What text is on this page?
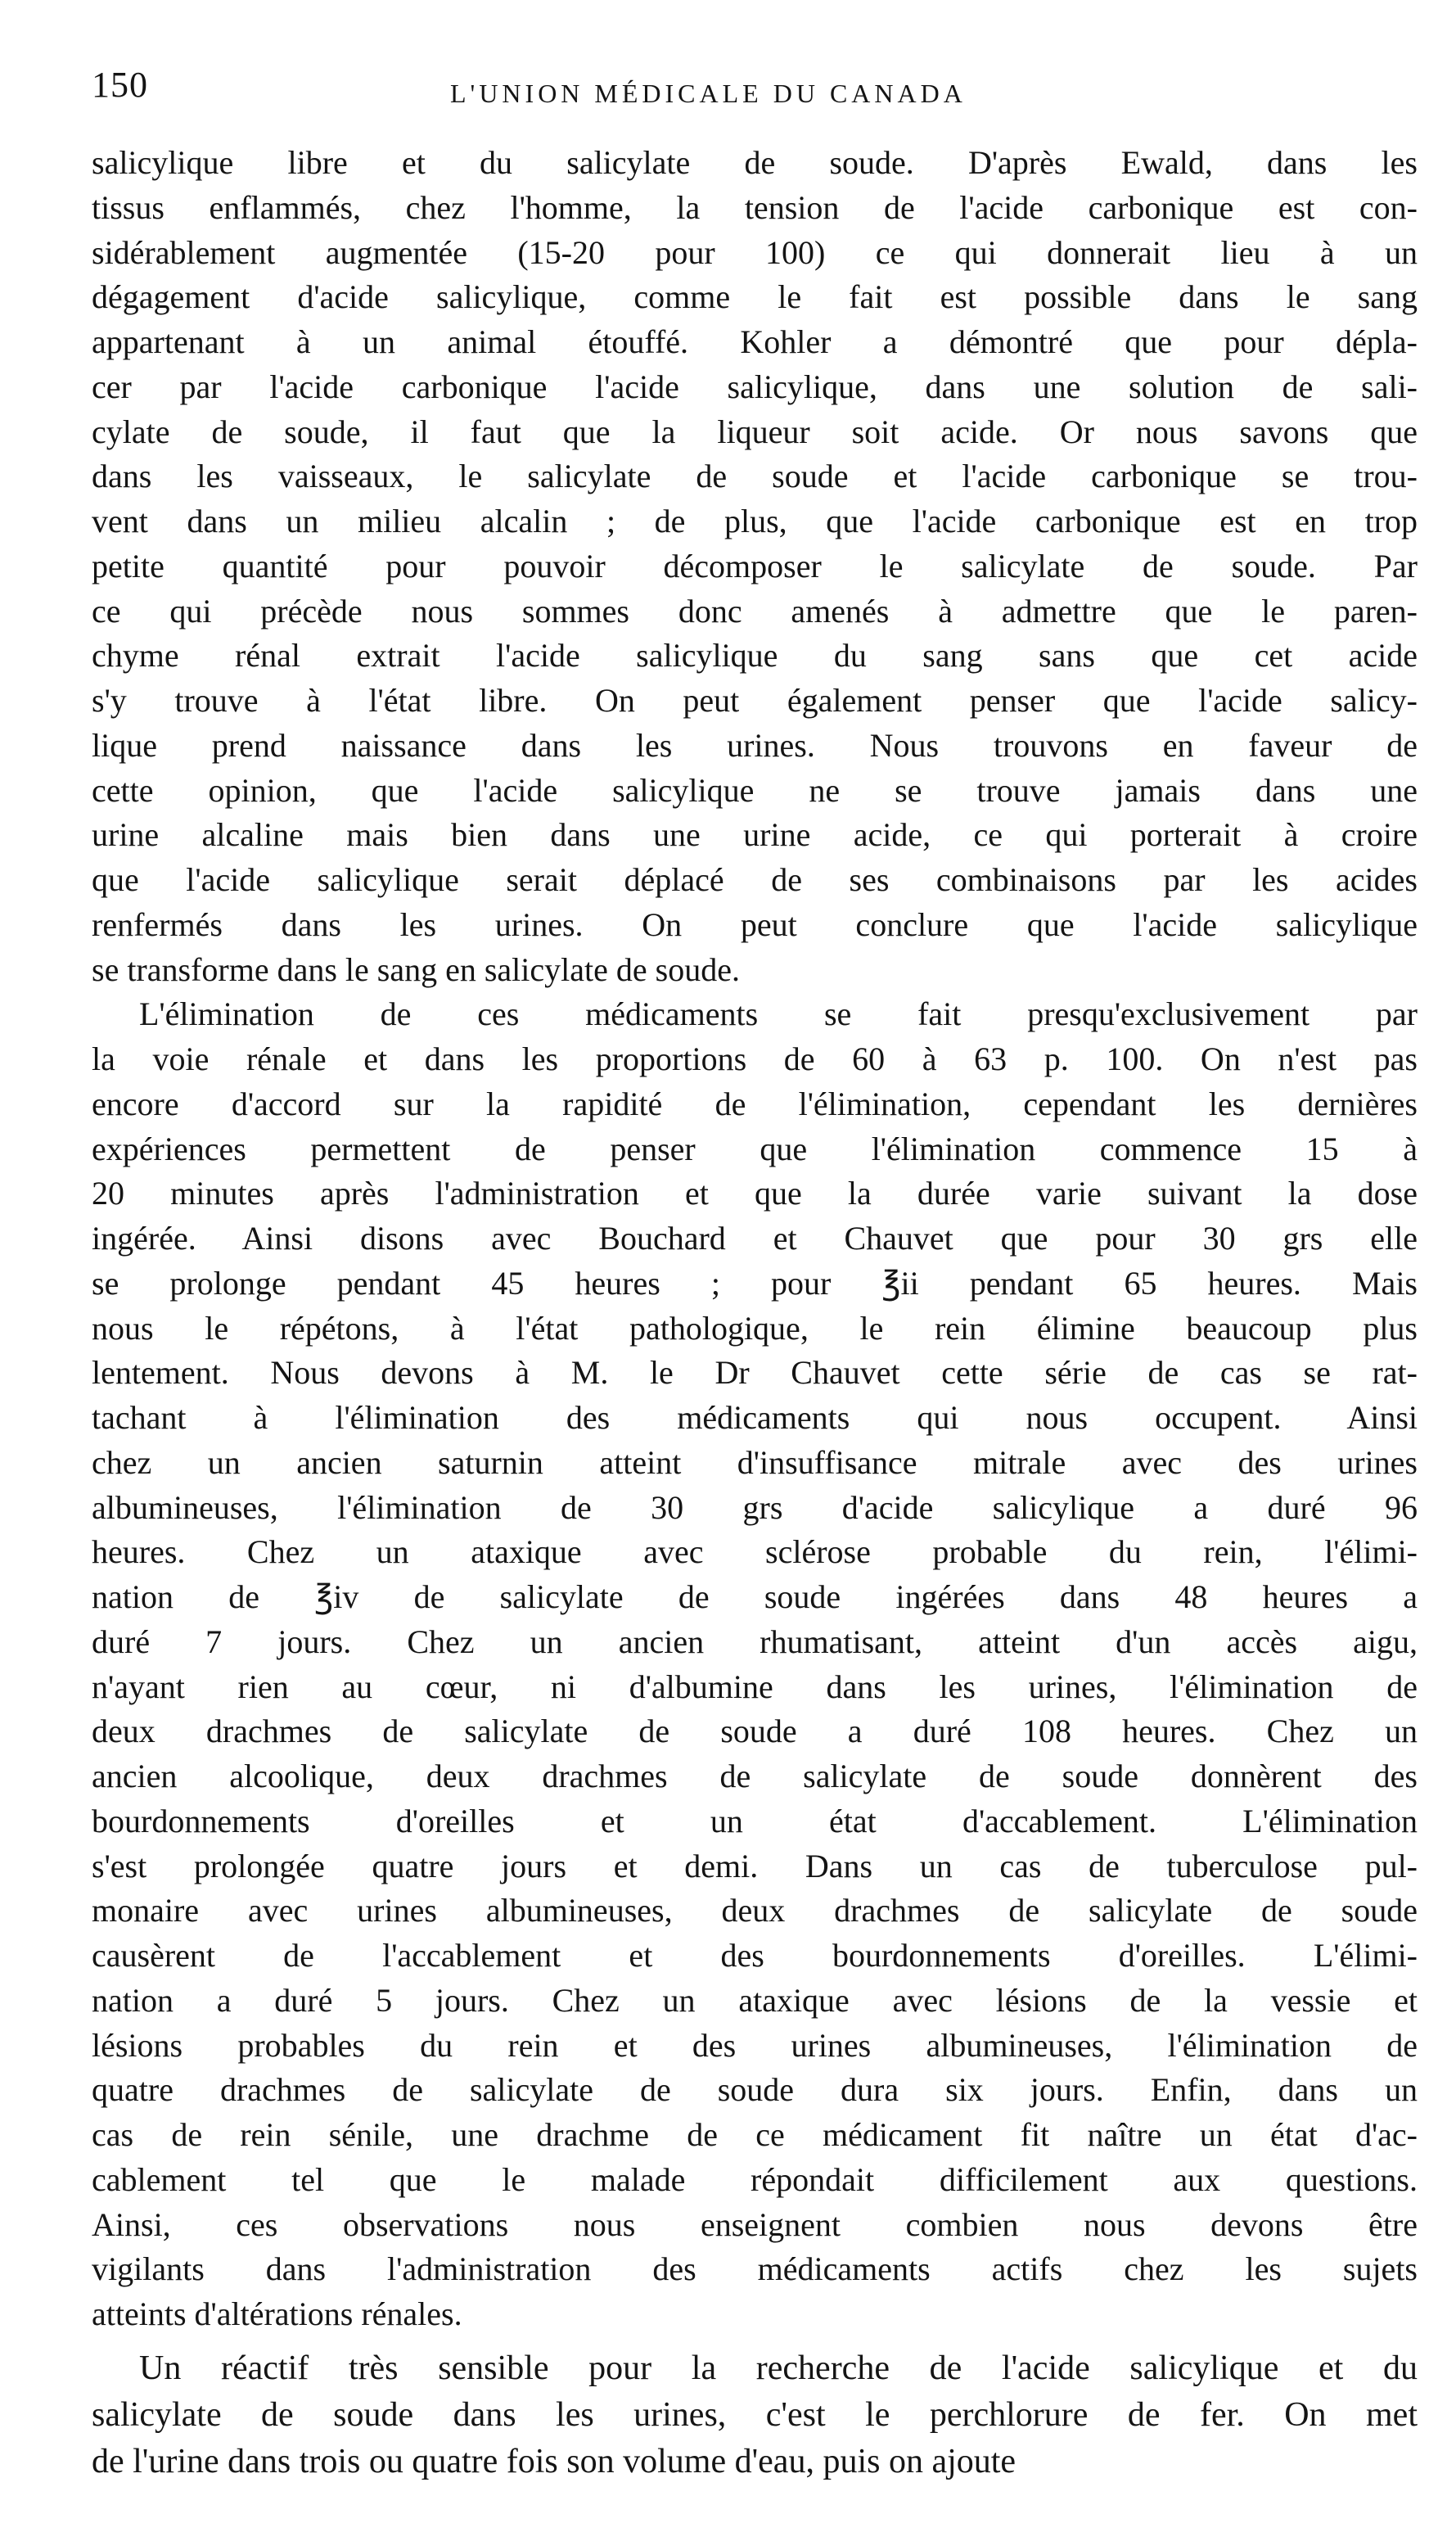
150	L'UNION MÉDICALE DU CANADA
salicylique libre et du salicylate de soude. D'après Ewald, dans les
tissus enflammés, chez l'homme, la tension de l'acide carbonique est con-
sidérablement augmentée (15-20 pour 100) ce qui donnerait lieu à un
dégagement d'acide salicylique, comme le fait est possible dans le sang
appartenant à un animal étouffé. Kohler a démontré que pour dépla-
cer par l'acide carbonique l'acide salicylique, dans une solution de sali-
cylate de soude, il faut que la liqueur soit acide. Or nous savons que
dans les vaisseaux, le salicylate de soude et l'acide carbonique se trou-
vent dans un milieu alcalin ; de plus, que l'acide carbonique est en trop
petite quantité pour pouvoir décomposer le salicylate de soude. Par
ce qui précède nous sommes donc amenés à admettre que le paren-
chyme rénal extrait l'acide salicylique du sang sans que cet acide
s'y trouve à l'état libre. On peut également penser que l'acide salicy-
lique prend naissance dans les urines. Nous trouvons en faveur de
cette opinion, que l'acide salicylique ne se trouve jamais dans une
urine alcaline mais bien dans une urine acide, ce qui porterait à croire
que l'acide salicylique serait déplacé de ses combinaisons par les acides
renfermés dans les urines. On peut conclure que l'acide salicylique
se transforme dans le sang en salicylate de soude.
L'élimination de ces médicaments se fait presqu'exclusivement par
la voie rénale et dans les proportions de 60 à 63 p. 100. On n'est pas
encore d'accord sur la rapidité de l'élimination, cependant les dernières
expériences permettent de penser que l'élimination commence 15 à
20 minutes après l'administration et que la durée varie suivant la dose
ingérée. Ainsi disons avec Bouchard et Chauvet que pour 30 grs elle
se prolonge pendant 45 heures ; pour ℥ii pendant 65 heures. Mais
nous le répétons, à l'état pathologique, le rein élimine beaucoup plus
lentement. Nous devons à M. le Dr Chauvet cette série de cas se rat-
tachant à l'élimination des médicaments qui nous occupent. Ainsi
chez un ancien saturnin atteint d'insuffisance mitrale avec des urines
albumineuses, l'élimination de 30 grs d'acide salicylique a duré 96
heures. Chez un ataxique avec sclérose probable du rein, l'élimi-
nation de ℥iv de salicylate de soude ingérées dans 48 heures a
duré 7 jours. Chez un ancien rhumatisant, atteint d'un accès aigu,
n'ayant rien au cœur, ni d'albumine dans les urines, l'élimination de
deux drachmes de salicylate de soude a duré 108 heures. Chez un
ancien alcoolique, deux drachmes de salicylate de soude donnèrent des
bourdonnements d'oreilles et un état d'accablement. L'élimination
s'est prolongée quatre jours et demi. Dans un cas de tuberculose pul-
monaire avec urines albumineuses, deux drachmes de salicylate de soude
causèrent de l'accablement et des bourdonnements d'oreilles. L'élimi-
nation a duré 5 jours. Chez un ataxique avec lésions de la vessie et
lésions probables du rein et des urines albumineuses, l'élimination de
quatre drachmes de salicylate de soude dura six jours. Enfin, dans un
cas de rein sénile, une drachme de ce médicament fit naître un état d'ac-
cablement tel que le malade répondait difficilement aux questions.
Ainsi, ces observations nous enseignent combien nous devons être
vigilants dans l'administration des médicaments actifs chez les sujets
atteints d'altérations rénales.
Un réactif très sensible pour la recherche de l'acide salicylique et du
salicylate de soude dans les urines, c'est le perchlorure de fer. On met
de l'urine dans trois ou quatre fois son volume d'eau, puis on ajoute
